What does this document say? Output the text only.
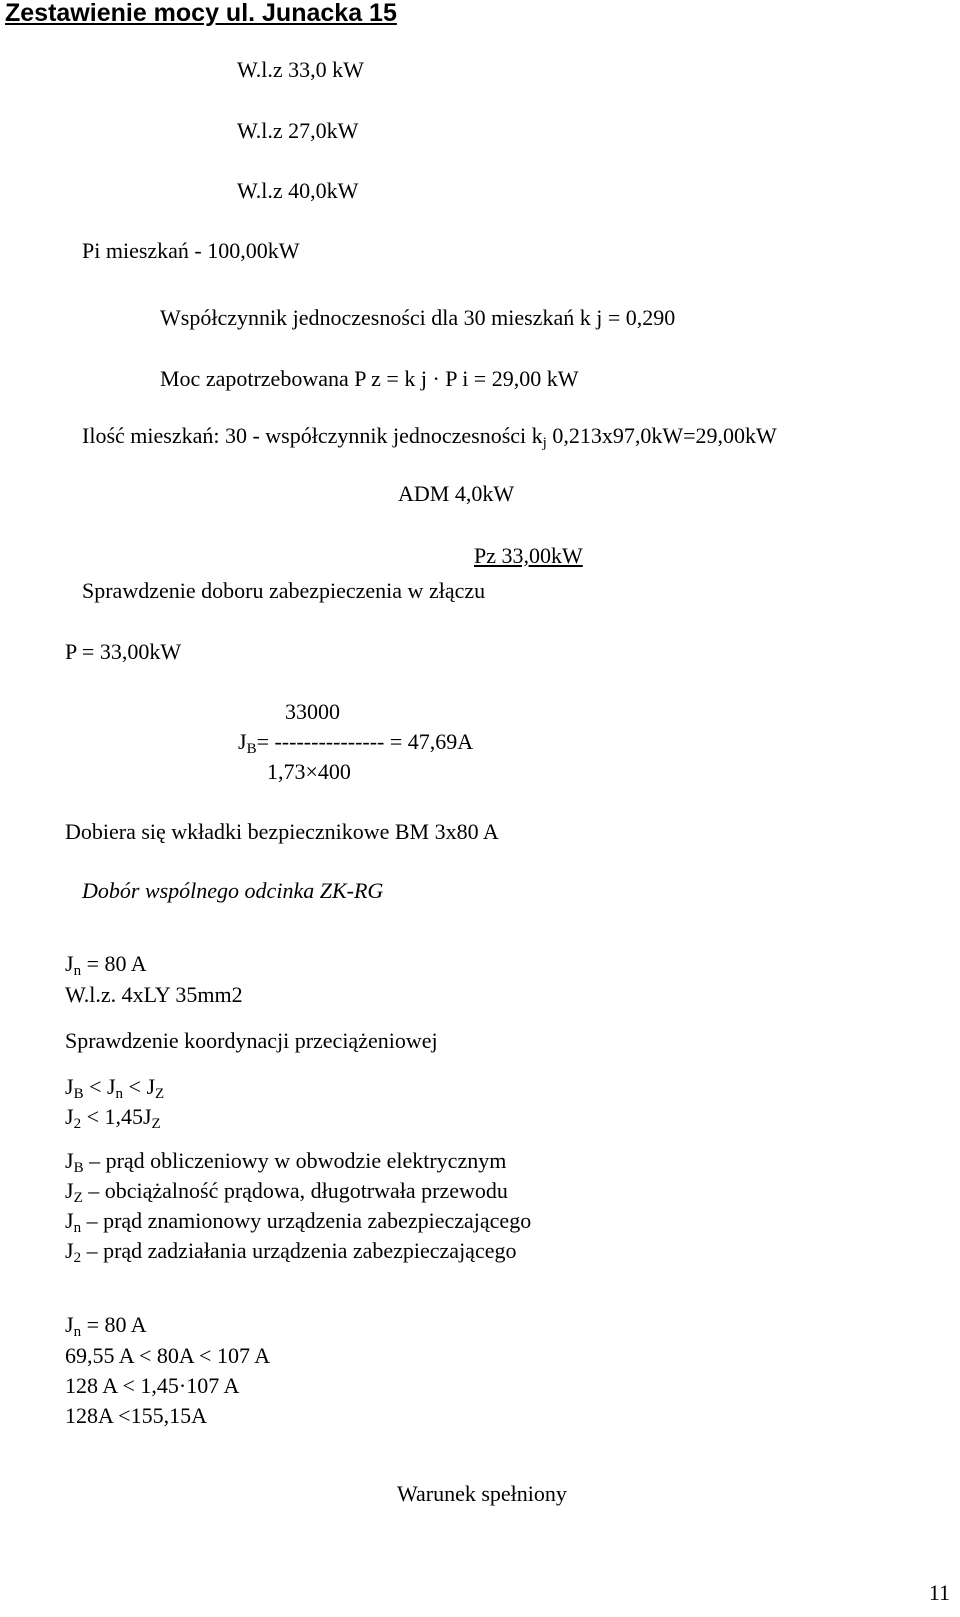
Zestawienie mocy ul. Junacka 15
W.l.z 33,0 kW
W.l.z 27,0kW
W.l.z 40,0kW
Pi mieszkań - 100,00kW
Współczynnik jednoczesności dla 30 mieszkań k j = 0,290
Moc zapotrzebowana P z = k j · P i = 29,00 kW
Ilość mieszkań: 30 - współczynnik jednoczesności $k_j$ 0,213x97,0kW=29,00kW
ADM 4,0kW
Pz 33,00kW
Sprawdzenie doboru zabezpieczenia w złączu
P = 33,00kW
33000
$J_B=$ --------------- = 47,69A
1,73×400
Dobiera się wkładki bezpiecznikowe BM 3x80 A
Dobór wspólnego odcinka ZK-RG
$J_n = 80$ A
W.l.z. 4xLY 35mm2
Sprawdzenie koordynacji przeciążeniowej
$J_B < J_n < J_Z$
$J_2 < 1,45J_Z$
$J_B$ – prąd obliczeniowy w obwodzie elektrycznym
$J_Z$ – obciążalność prądowa, długotrwała przewodu
$J_n$ – prąd znamionowy urządzenia zabezpieczającego
$J_2$ – prąd zadziałania urządzenia zabezpieczającego
$J_n = 80$ A
69,55 A < 80A < 107 A
128 A < 1,45·107 A
128A <155,15A
Warunek spełniony
11
